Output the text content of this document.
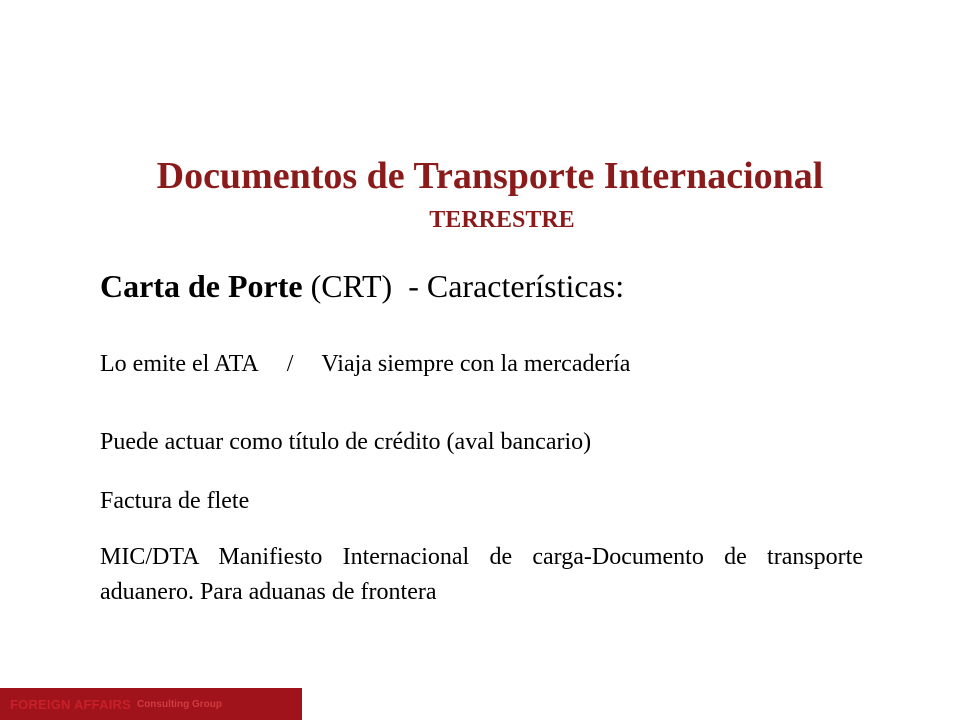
Documentos de Transporte Internacional
TERRESTRE
Carta de Porte (CRT)  - Características:
Lo emite el ATA / Viaja siempre con la mercadería
Puede actuar como título de crédito (aval bancario)
Factura de flete
MIC/DTA Manifiesto Internacional de carga-Documento de transporte aduanero. Para aduanas de frontera
FOREIGN AFFAIRS Consulting Group
